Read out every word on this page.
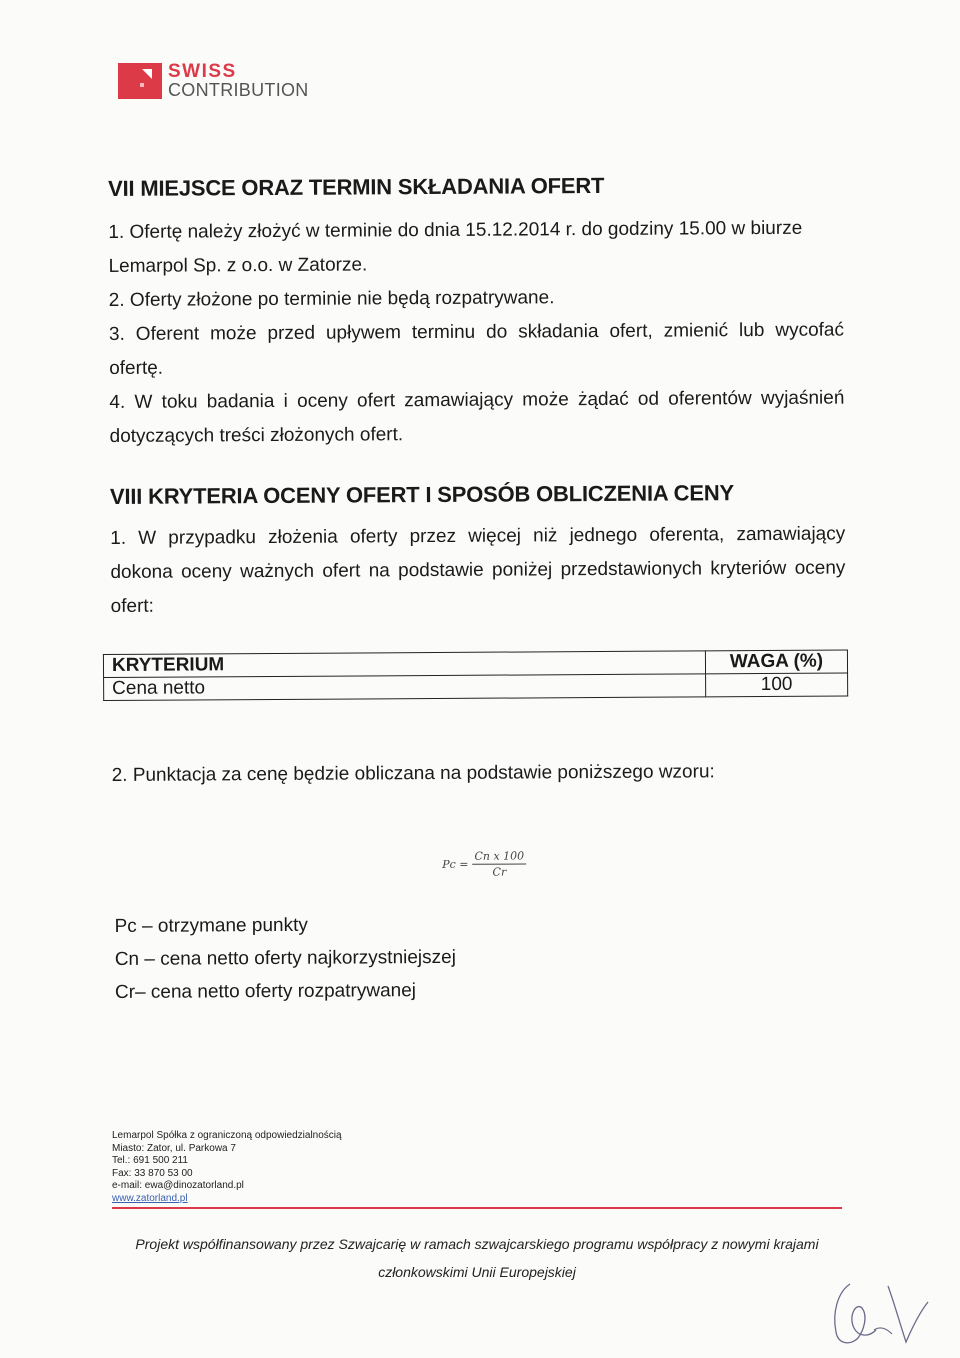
SWISS
CONTRIBUTION
VII MIEJSCE ORAZ TERMIN SKŁADANIA OFERT

1. Ofertę należy złożyć w terminie do dnia 15.12.2014 r. do godziny 15.00 w biurze

Lemarpol Sp. z o.o. w Zatorze.

2. Oferty złożone po terminie nie będą rozpatrywane.

3. Oferent może przed upływem terminu do składania ofert, zmienić lub wycofać

ofertę.

4. W toku badania i oceny ofert zamawiający może żądać od oferentów wyjaśnień

dotyczących treści złożonych ofert.

VIII KRYTERIA OCENY OFERT I SPOSÓB OBLICZENIA CENY

1. W przypadku złożenia oferty przez więcej niż jednego oferenta, zamawiający

dokona oceny ważnych ofert na podstawie poniżej przedstawionych kryteriów oceny

ofert:

KRYTERIUM	WAGA (%)
Cena netto	100

2. Punktacja za cenę będzie obliczana na podstawie poniższego wzoru:

$Pc = \frac{\text{Cn x 100}}{Cr}$
Pc – otrzymane punkty
Cn – cena netto oferty najkorzystniejszej
Cr– cena netto oferty rozpatrywanej
Lemarpol Spółka z ograniczoną odpowiedzialnością
Miasto: Zator, ul. Parkowa 7
Tel.: 691 500 211
Fax: 33 870 53 00
e-mail: ewa@dinozatorland.pl
www.zatorland.pl
Projekt współfinansowany przez Szwajcarię w ramach szwajcarskiego programu współpracy z nowymi krajami
członkowskimi Unii Europejskiej
